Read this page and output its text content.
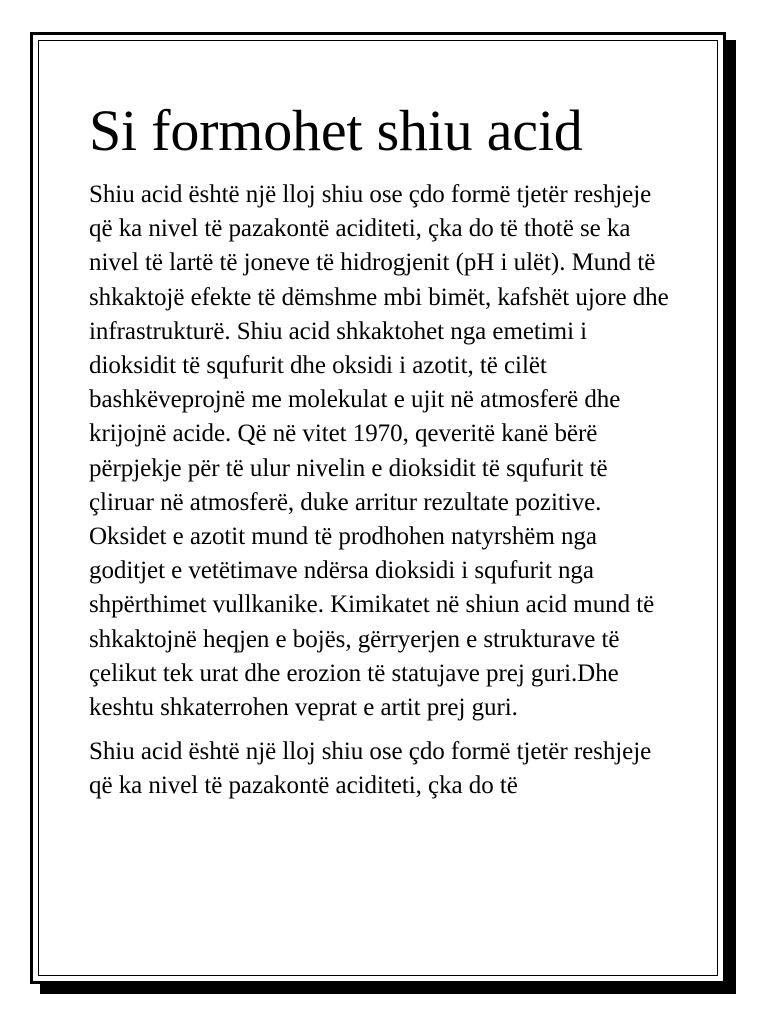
Si formohet shiu acid

Shiu acid është një lloj shiu ose çdo formë tjetër reshjeje që ka nivel të pazakontë aciditeti, çka do të thotë se ka nivel të lartë të joneve të hidrogjenit (pH i ulët). Mund të shkaktojë efekte të dëmshme mbi bimët, kafshët ujore dhe infrastrukturë. Shiu acid shkaktohet nga emetimi i dioksidit të squfurit dhe oksidi i azotit, të cilët bashkëveprojnë me molekulat e ujit në atmosferë dhe krijojnë acide. Që në vitet 1970, qeveritë kanë bërë përpjekje për të ulur nivelin e dioksidit të squfurit të çliruar në atmosferë, duke arritur rezultate pozitive. Oksidet e azotit mund të prodhohen natyrshëm nga goditjet e vetëtimave ndërsa dioksidi i squfurit nga shpërthimet vullkanike. Kimikatet në shiun acid mund të shkaktojnë heqjen e bojës, gërryerjen e strukturave të çelikut tek urat dhe erozion të statujave prej guri.Dhe keshtu shkaterrohen veprat e artit prej guri.

Shiu acid është një lloj shiu ose çdo formë tjetër reshjeje që ka nivel të pazakontë aciditeti, çka do të
